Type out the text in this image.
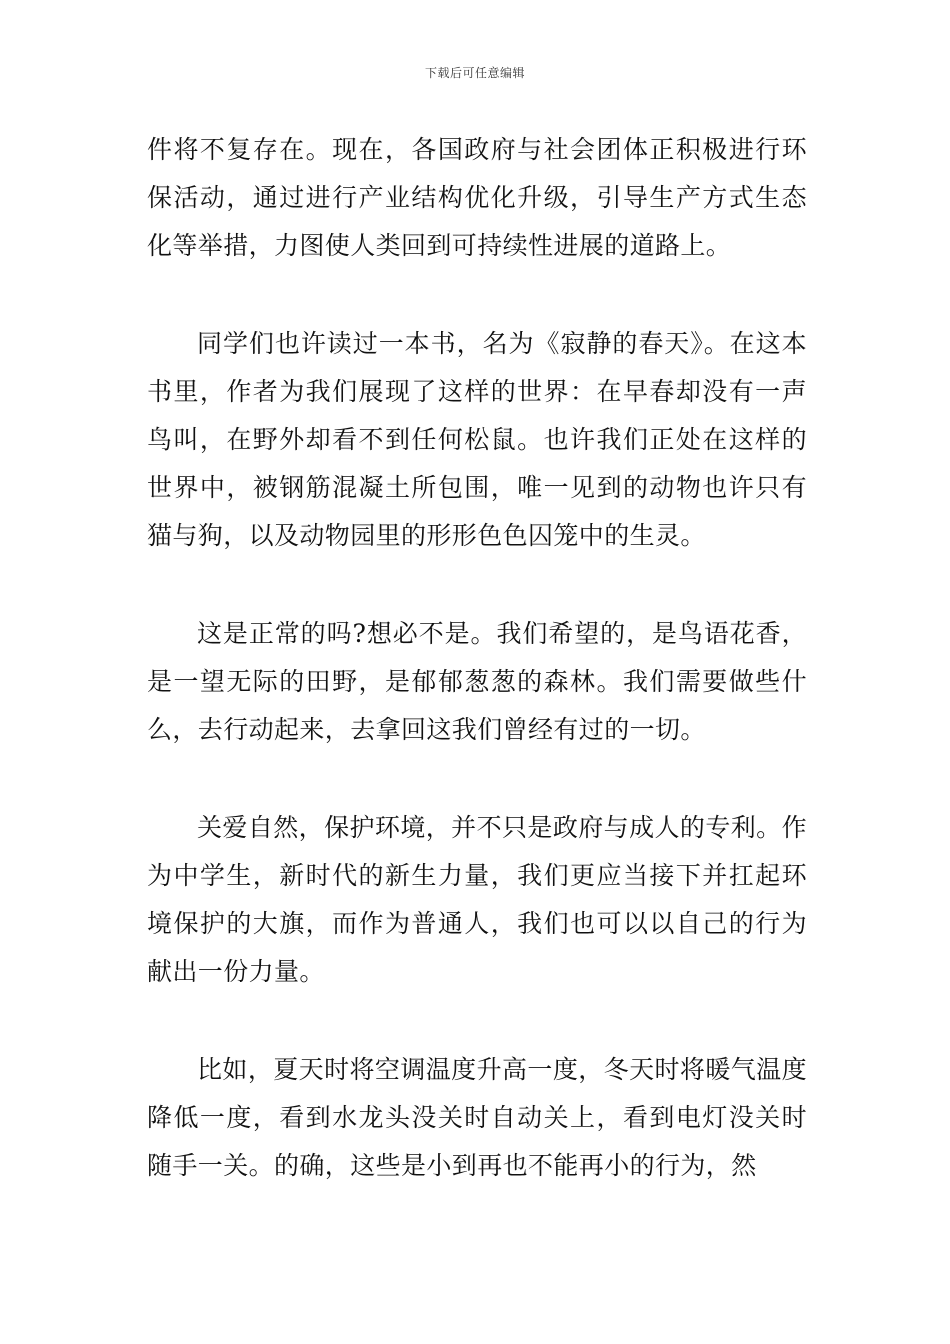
下载后可任意编辑

件将不复存在。现在，各国政府与社会团体正积极进行环保活动，通过进行产业结构优化升级，引导生产方式生态化等举措，力图使人类回到可持续性进展的道路上。

同学们也许读过一本书，名为《寂静的春天》。在这本书里，作者为我们展现了这样的世界：在早春却没有一声鸟叫，在野外却看不到任何松鼠。也许我们正处在这样的世界中，被钢筋混凝土所包围，唯一见到的动物也许只有猫与狗，以及动物园里的形形色色囚笼中的生灵。

这是正常的吗?想必不是。我们希望的，是鸟语花香，是一望无际的田野，是郁郁葱葱的森林。我们需要做些什么，去行动起来，去拿回这我们曾经有过的一切。

关爱自然，保护环境，并不只是政府与成人的专利。作为中学生，新时代的新生力量，我们更应当接下并扛起环境保护的大旗，而作为普通人，我们也可以以自己的行为献出一份力量。

比如，夏天时将空调温度升高一度，冬天时将暖气温度降低一度，看到水龙头没关时自动关上，看到电灯没关时随手一关。的确，这些是小到再也不能再小的行为，然
